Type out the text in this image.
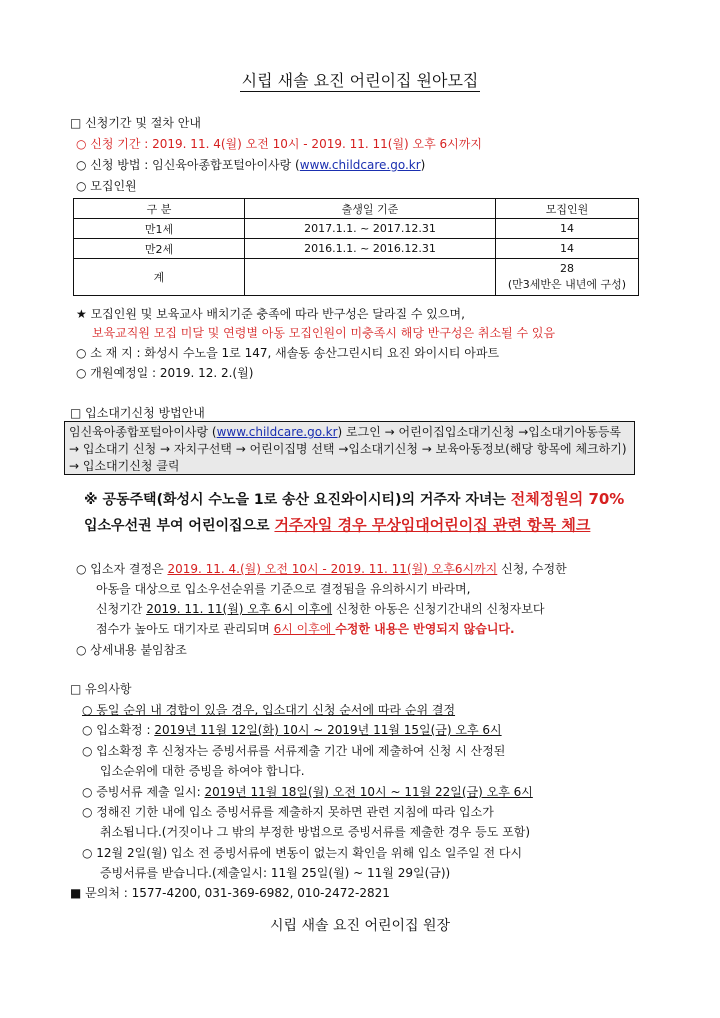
시립 새솔 요진 어린이집 원아모집
□ 신청기간 및 절차 안내
○ 신청 기간 : 2019. 11. 4(월) 오전 10시 - 2019. 11. 11(월) 오후 6시까지
○ 신청 방법 : 임신육아종합포털아이사랑 (www.childcare.go.kr)
○ 모집인원
구 분	출생일 기준	모집인원
만1세	2017.1.1. ~ 2017.12.31	14
만2세	2016.1.1. ~ 2016.12.31	14
계		28
(만3세반은 내년에 구성)
★ 모집인원 및 보육교사 배치기준 충족에 따라 반구성은 달라질 수 있으며,
보육교직원 모집 미달 및 연령별 아동 모집인원이 미충족시 해당 반구성은 취소될 수 있음
○ 소 재 지 : 화성시 수노을 1로 147, 새솔동 송산그린시티 요진 와이시티 아파트
○ 개원예정일 : 2019. 12. 2.(월)
□ 입소대기신청 방법안내
임신육아종합포털아이사랑 (www.childcare.go.kr) 로그인 → 어린이집입소대기신청 →입소대기아동등록 → 입소대기 신청 → 자치구선택 → 어린이집명 선택 →입소대기신청 → 보육아동정보(해당 항목에 체크하기) → 입소대기신청 클릭
※ 공동주택(화성시 수노을 1로 송산 요진와이시티)의 거주자 자녀는 전체정원의 70%
입소우선권 부여 어린이집으로 거주자일 경우 무상임대어린이집 관련 항목 체크
○ 입소자 결정은 2019. 11. 4.(월) 오전 10시 - 2019. 11. 11(월) 오후6시까지 신청, 수정한
아동을 대상으로 입소우선순위를 기준으로 결정됨을 유의하시기 바라며,
신청기간 2019. 11. 11(월) 오후 6시 이후에 신청한 아동은 신청기간내의 신청자보다
점수가 높아도 대기자로 관리되며 6시 이후에 수정한 내용은 반영되지 않습니다.
○ 상세내용 붙임참조
□ 유의사항
○ 동일 순위 내 경합이 있을 경우, 입소대기 신청 순서에 따라 순위 결정
○ 입소확정 : 2019년 11월 12일(화) 10시 ~ 2019년 11월 15일(금) 오후 6시
○ 입소확정 후 신청자는 증빙서류를 서류제출 기간 내에 제출하여 신청 시 산정된
입소순위에 대한 증빙을 하여야 합니다.
○ 증빙서류 제출 일시: 2019년 11월 18일(월) 오전 10시 ~ 11월 22일(금) 오후 6시
○ 정해진 기한 내에 입소 증빙서류를 제출하지 못하면 관련 지침에 따라 입소가
취소됩니다.(거짓이나 그 밖의 부정한 방법으로 증빙서류를 제출한 경우 등도 포함)
○ 12월 2일(월) 입소 전 증빙서류에 변동이 없는지 확인을 위해 입소 일주일 전 다시
증빙서류를 받습니다.(제출일시: 11월 25일(월) ~ 11월 29일(금))
■ 문의처 : 1577-4200, 031-369-6982, 010-2472-2821
시립 새솔 요진 어린이집 원장
